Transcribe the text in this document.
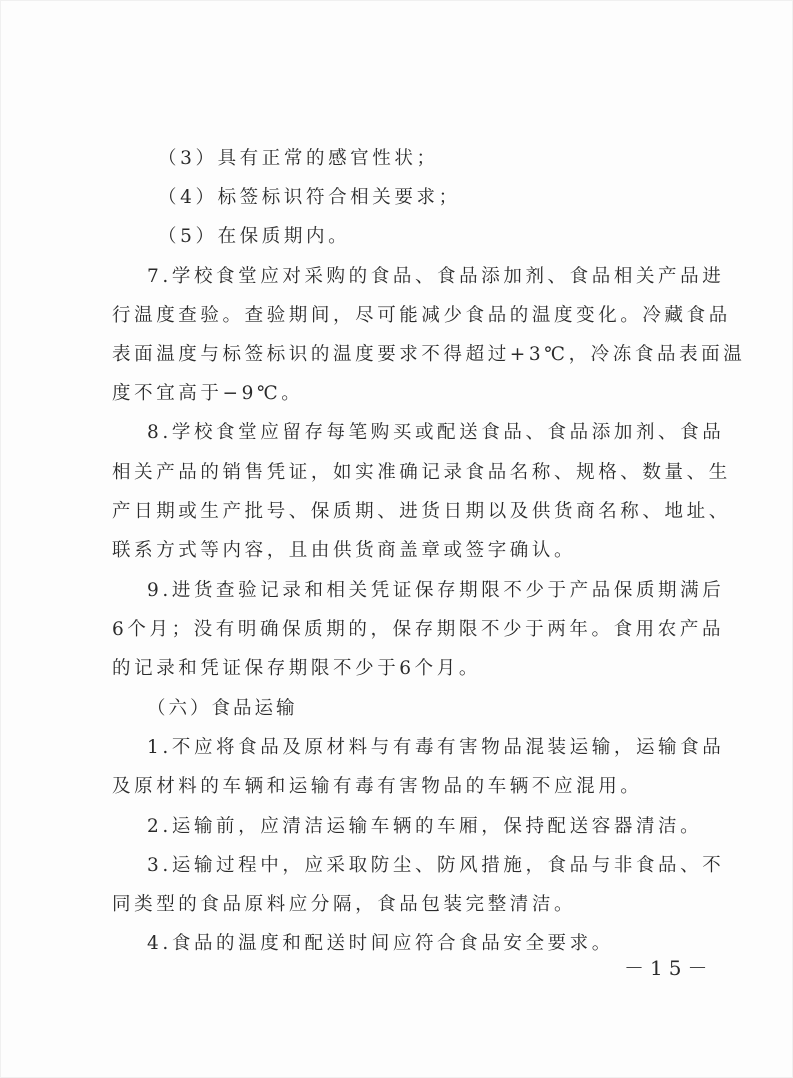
（3）具有正常的感官性状；
（4）标签标识符合相关要求；
（5）在保质期内。
7.学校食堂应对采购的食品、食品添加剂、食品相关产品进
行温度查验。查验期间，尽可能减少食品的温度变化。冷藏食品
表面温度与标签标识的温度要求不得超过+3℃，冷冻食品表面温
度不宜高于−9℃。
8.学校食堂应留存每笔购买或配送食品、食品添加剂、食品
相关产品的销售凭证，如实准确记录食品名称、规格、数量、生
产日期或生产批号、保质期、进货日期以及供货商名称、地址、
联系方式等内容，且由供货商盖章或签字确认。
9.进货查验记录和相关凭证保存期限不少于产品保质期满后
6个月；没有明确保质期的，保存期限不少于两年。食用农产品
的记录和凭证保存期限不少于6个月。
（六）食品运输
1.不应将食品及原材料与有毒有害物品混装运输，运输食品
及原材料的车辆和运输有毒有害物品的车辆不应混用。
2.运输前，应清洁运输车辆的车厢，保持配送容器清洁。
3.运输过程中，应采取防尘、防风措施，食品与非食品、不
同类型的食品原料应分隔，食品包装完整清洁。
4.食品的温度和配送时间应符合食品安全要求。
－15－
